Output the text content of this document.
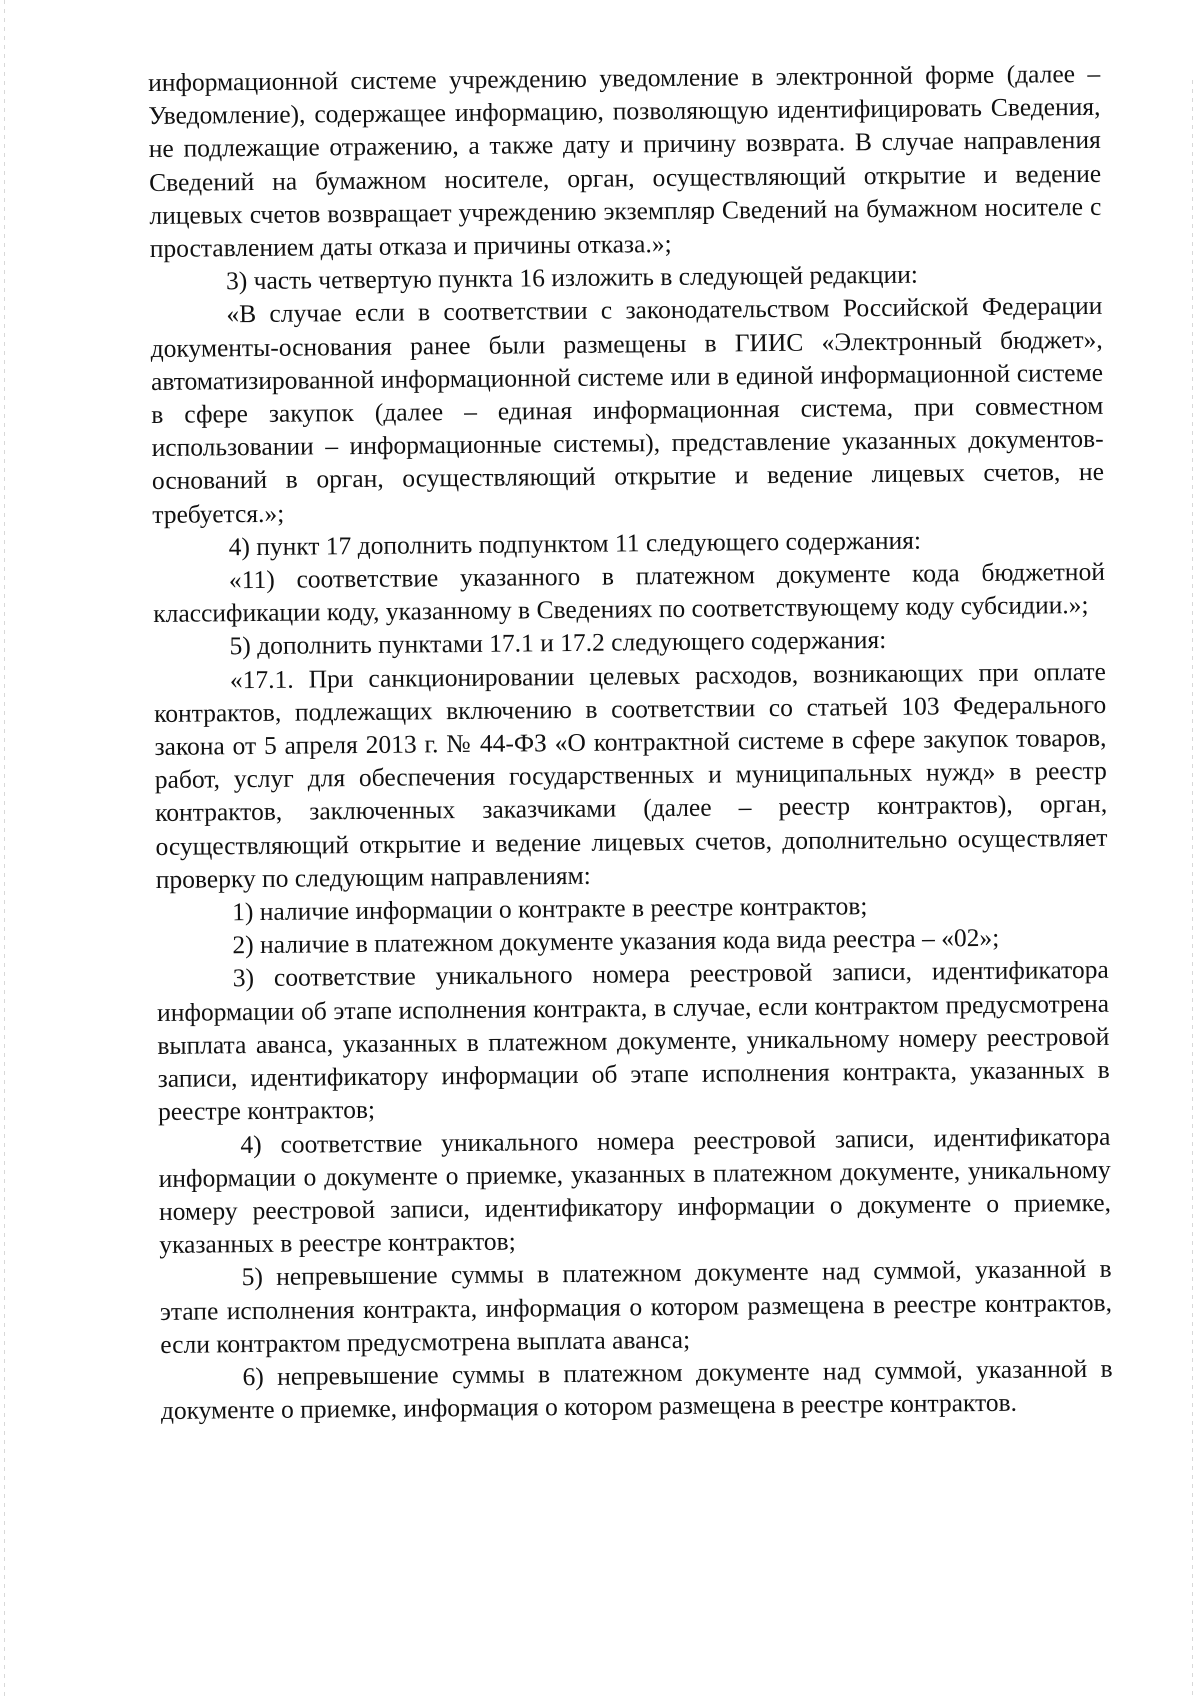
информационной системе учреждению уведомление в электронной форме (далее – Уведомление), содержащее информацию, позволяющую идентифицировать Сведения, не подлежащие отражению, а также дату и причину возврата. В случае направления Сведений на бумажном носителе, орган, осуществляющий открытие и ведение лицевых счетов возвращает учреждению экземпляр Сведений на бумажном носителе с проставлением даты отказа и причины отказа.»;

3) часть четвертую пункта 16 изложить в следующей редакции:

«В случае если в соответствии с законодательством Российской Федерации документы-основания ранее были размещены в ГИИС «Электронный бюджет», автоматизированной информационной системе или в единой информационной системе в сфере закупок (далее – единая информационная система, при совместном использовании – информационные системы), представление указанных документов-оснований в орган, осуществляющий открытие и ведение лицевых счетов, не требуется.»;

4) пункт 17 дополнить подпунктом 11 следующего содержания:

«11) соответствие указанного в платежном документе кода бюджетной классификации коду, указанному в Сведениях по соответствующему коду субсидии.»;

5) дополнить пунктами 17.1 и 17.2 следующего содержания:

«17.1. При санкционировании целевых расходов, возникающих при оплате контрактов, подлежащих включению в соответствии со статьей 103 Федерального закона от 5 апреля 2013 г. № 44-ФЗ «О контрактной системе в сфере закупок товаров, работ, услуг для обеспечения государственных и муниципальных нужд» в реестр контрактов, заключенных заказчиками (далее – реестр контрактов), орган, осуществляющий открытие и ведение лицевых счетов, дополнительно осуществляет проверку по следующим направлениям:

1) наличие информации о контракте в реестре контрактов;

2) наличие в платежном документе указания кода вида реестра – «02»;

3) соответствие уникального номера реестровой записи, идентификатора информации об этапе исполнения контракта, в случае, если контрактом предусмотрена выплата аванса, указанных в платежном документе, уникальному номеру реестровой записи, идентификатору информации об этапе исполнения контракта, указанных в реестре контрактов;

4) соответствие уникального номера реестровой записи, идентификатора информации о документе о приемке, указанных в платежном документе, уникальному номеру реестровой записи, идентификатору информации о документе о приемке, указанных в реестре контрактов;

5) непревышение суммы в платежном документе над суммой, указанной в этапе исполнения контракта, информация о котором размещена в реестре контрактов, если контрактом предусмотрена выплата аванса;

6) непревышение суммы в платежном документе над суммой, указанной в документе о приемке, информация о котором размещена в реестре контрактов.
